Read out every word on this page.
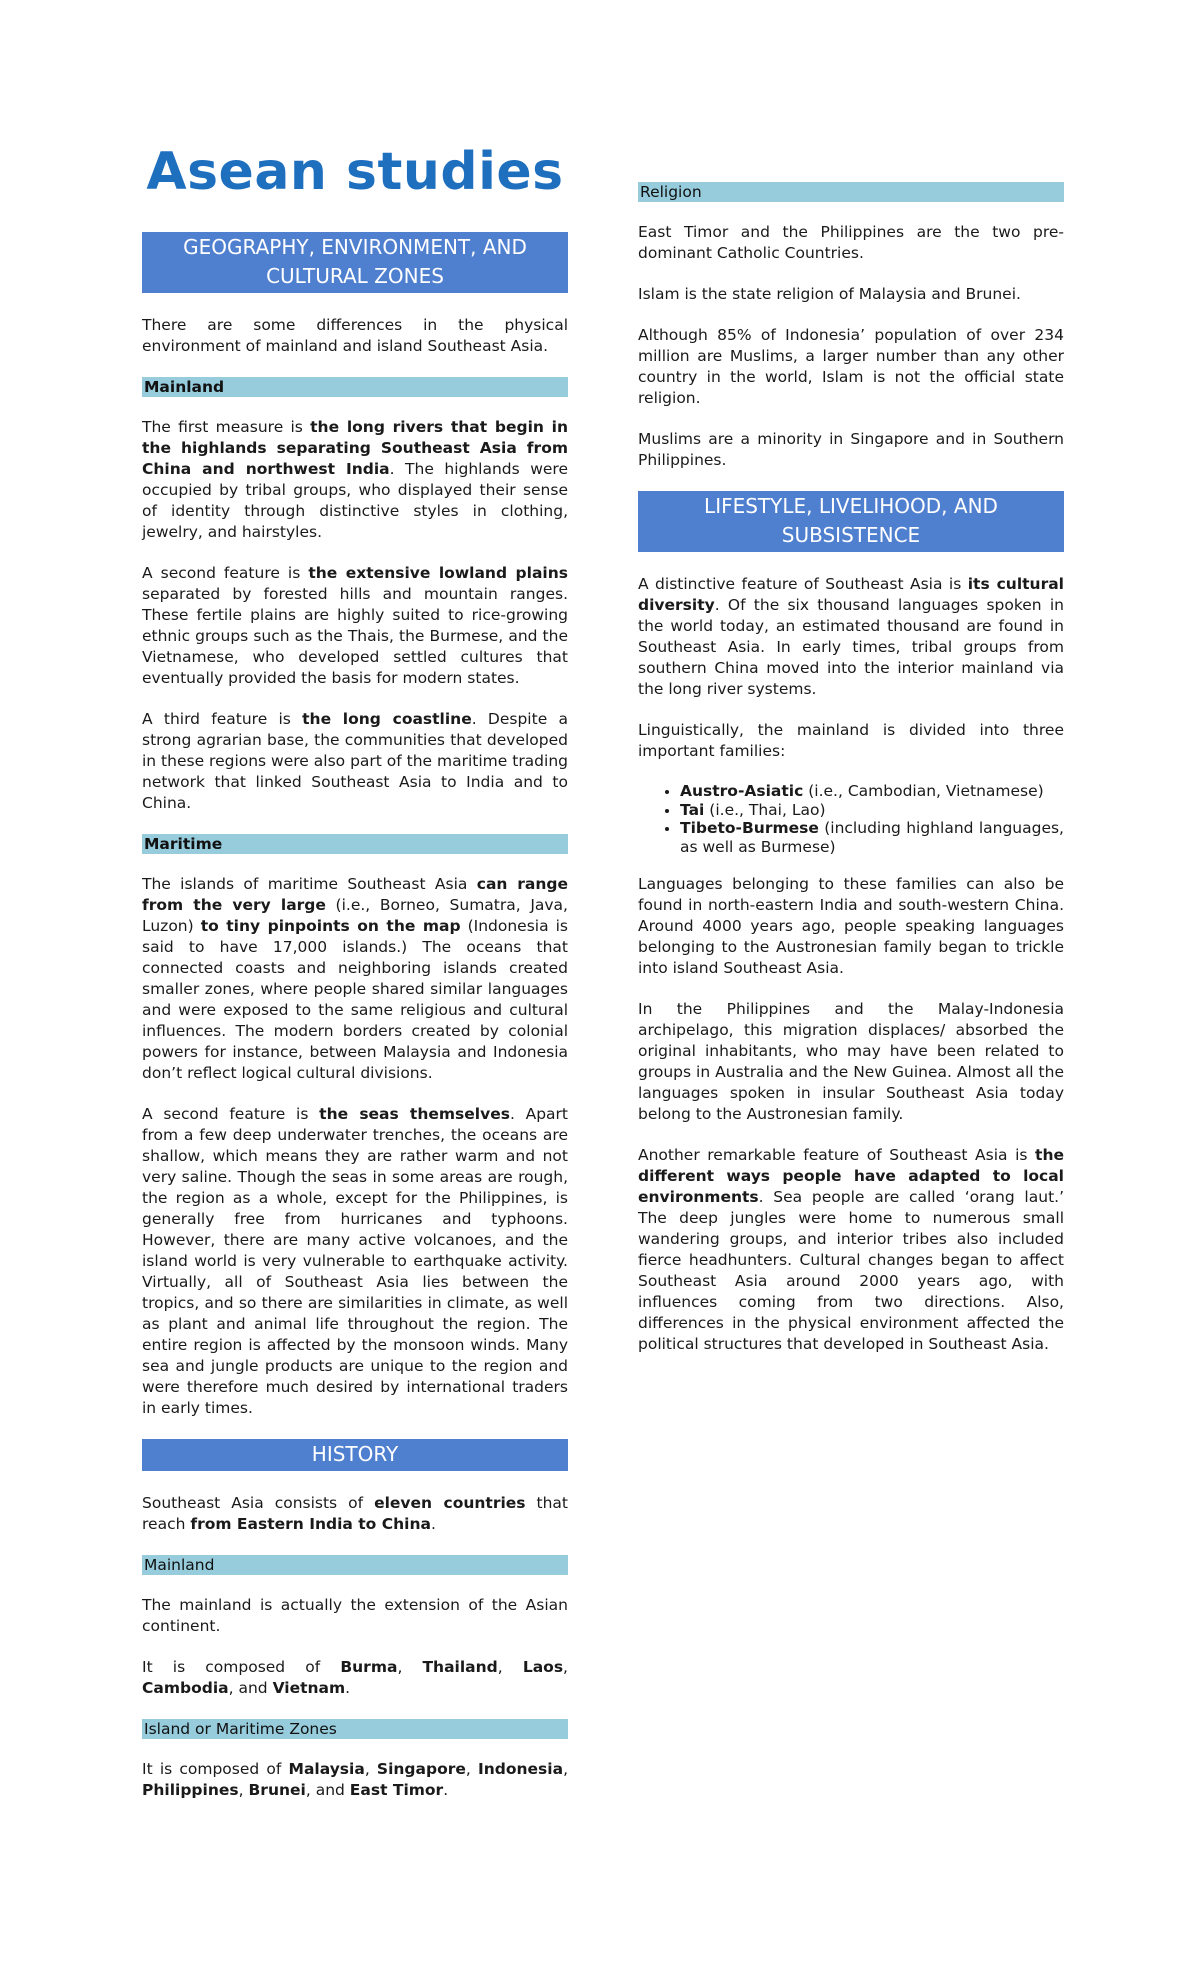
Asean studies
GEOGRAPHY, ENVIRONMENT, AND CULTURAL ZONES

There are some differences in the physical environment of mainland and island Southeast Asia.

Mainland

The first measure is the long rivers that begin in the highlands separating Southeast Asia from China and northwest India. The highlands were occupied by tribal groups, who displayed their sense of identity through distinctive styles in clothing, jewelry, and hairstyles.

A second feature is the extensive lowland plains separated by forested hills and mountain ranges. These fertile plains are highly suited to rice-growing ethnic groups such as the Thais, the Burmese, and the Vietnamese, who developed settled cultures that eventually provided the basis for modern states.

A third feature is the long coastline. Despite a strong agrarian base, the communities that developed in these regions were also part of the maritime trading network that linked Southeast Asia to India and to China.

Maritime

The islands of maritime Southeast Asia can range from the very large (i.e., Borneo, Sumatra, Java, Luzon) to tiny pinpoints on the map (Indonesia is said to have 17,000 islands.) The oceans that connected coasts and neighboring islands created smaller zones, where people shared similar languages and were exposed to the same religious and cultural influences. The modern borders created by colonial powers for instance, between Malaysia and Indonesia don’t reflect logical cultural divisions.

A second feature is the seas themselves. Apart from a few deep underwater trenches, the oceans are shallow, which means they are rather warm and not very saline. Though the seas in some areas are rough, the region as a whole, except for the Philippines, is generally free from hurricanes and typhoons. However, there are many active volcanoes, and the island world is very vulnerable to earthquake activity. Virtually, all of Southeast Asia lies between the tropics, and so there are similarities in climate, as well as plant and animal life throughout the region. The entire region is affected by the monsoon winds. Many sea and jungle products are unique to the region and were therefore much desired by international traders in early times.

HISTORY

Southeast Asia consists of eleven countries that reach from Eastern India to China.

Mainland

The mainland is actually the extension of the Asian continent.

It is composed of Burma, Thailand, Laos, Cambodia, and Vietnam.

Island or Maritime Zones

It is composed of Malaysia, Singapore, Indonesia, Philippines, Brunei, and East Timor.

Religion

East Timor and the Philippines are the two pre-dominant Catholic Countries.

Islam is the state religion of Malaysia and Brunei.

Although 85% of Indonesia’ population of over 234 million are Muslims, a larger number than any other country in the world, Islam is not the official state religion.

Muslims are a minority in Singapore and in Southern Philippines.

LIFESTYLE, LIVELIHOOD, AND SUBSISTENCE

A distinctive feature of Southeast Asia is its cultural diversity. Of the six thousand languages spoken in the world today, an estimated thousand are found in Southeast Asia. In early times, tribal groups from southern China moved into the interior mainland via the long river systems.

Linguistically, the mainland is divided into three important families:

• Austro-Asiatic (i.e., Cambodian, Vietnamese)
• Tai (i.e., Thai, Lao)
• Tibeto-Burmese (including highland languages, as well as Burmese)

Languages belonging to these families can also be found in north-eastern India and south-western China. Around 4000 years ago, people speaking languages belonging to the Austronesian family began to trickle into island Southeast Asia.

In the Philippines and the Malay-Indonesia archipelago, this migration displaces/ absorbed the original inhabitants, who may have been related to groups in Australia and the New Guinea. Almost all the languages spoken in insular Southeast Asia today belong to the Austronesian family.

Another remarkable feature of Southeast Asia is the different ways people have adapted to local environments. Sea people are called ‘orang laut.’ The deep jungles were home to numerous small wandering groups, and interior tribes also included fierce headhunters. Cultural changes began to affect Southeast Asia around 2000 years ago, with influences coming from two directions. Also, differences in the physical environment affected the political structures that developed in Southeast Asia.
